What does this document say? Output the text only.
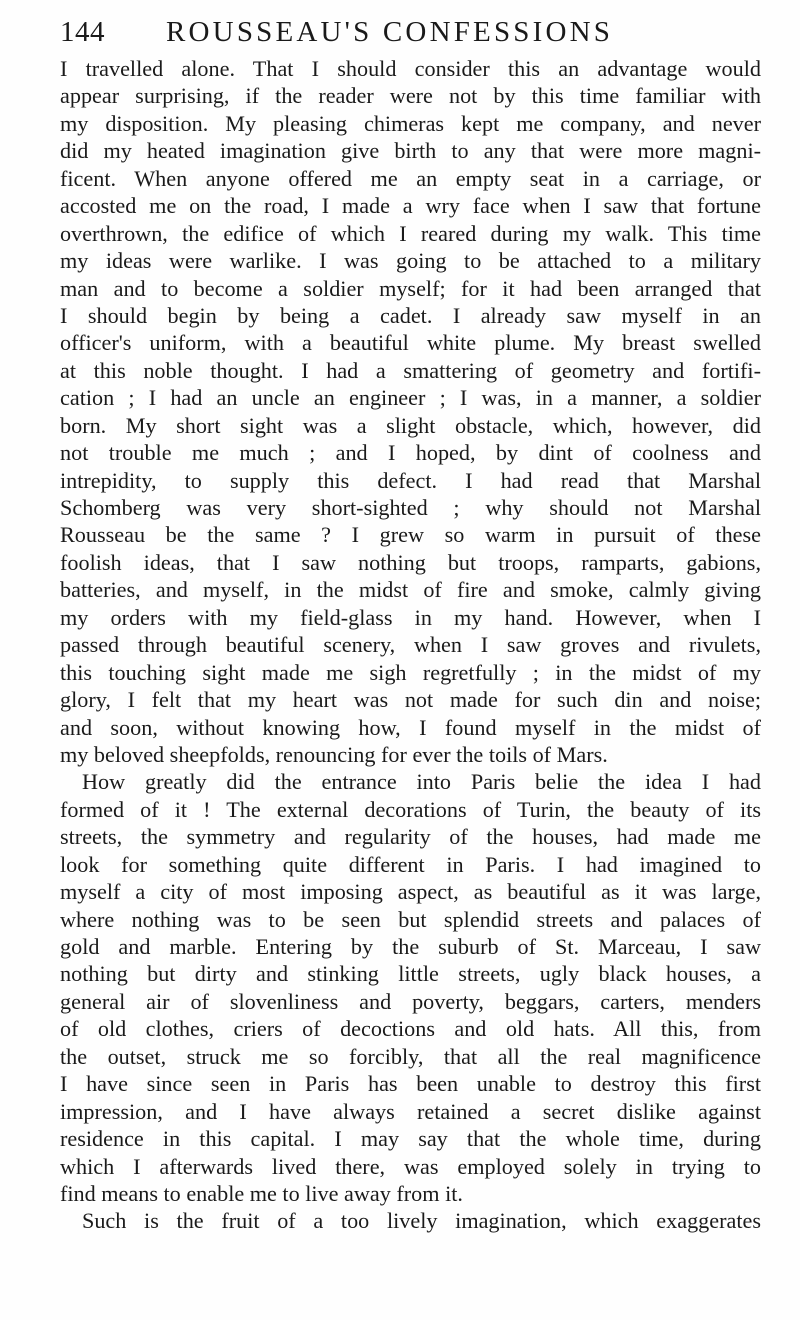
144 ROUSSEAU'S CONFESSIONS
I travelled alone. That I should consider this an advantage would
appear surprising, if the reader were not by this time familiar with
my disposition. My pleasing chimeras kept me company, and never
did my heated imagination give birth to any that were more magni-
ficent. When anyone offered me an empty seat in a carriage, or
accosted me on the road, I made a wry face when I saw that fortune
overthrown, the edifice of which I reared during my walk. This time
my ideas were warlike. I was going to be attached to a military
man and to become a soldier myself; for it had been arranged that
I should begin by being a cadet. I already saw myself in an
officer's uniform, with a beautiful white plume. My breast swelled
at this noble thought. I had a smattering of geometry and fortifi-
cation ; I had an uncle an engineer ; I was, in a manner, a soldier
born. My short sight was a slight obstacle, which, however, did
not trouble me much ; and I hoped, by dint of coolness and
intrepidity, to supply this defect. I had read that Marshal
Schomberg was very short-sighted ; why should not Marshal
Rousseau be the same ? I grew so warm in pursuit of these
foolish ideas, that I saw nothing but troops, ramparts, gabions,
batteries, and myself, in the midst of fire and smoke, calmly giving
my orders with my field-glass in my hand. However, when I
passed through beautiful scenery, when I saw groves and rivulets,
this touching sight made me sigh regretfully ; in the midst of my
glory, I felt that my heart was not made for such din and noise;
and soon, without knowing how, I found myself in the midst of
my beloved sheepfolds, renouncing for ever the toils of Mars.
How greatly did the entrance into Paris belie the idea I had
formed of it ! The external decorations of Turin, the beauty of its
streets, the symmetry and regularity of the houses, had made me
look for something quite different in Paris. I had imagined to
myself a city of most imposing aspect, as beautiful as it was large,
where nothing was to be seen but splendid streets and palaces of
gold and marble. Entering by the suburb of St. Marceau, I saw
nothing but dirty and stinking little streets, ugly black houses, a
general air of slovenliness and poverty, beggars, carters, menders
of old clothes, criers of decoctions and old hats. All this, from
the outset, struck me so forcibly, that all the real magnificence
I have since seen in Paris has been unable to destroy this first
impression, and I have always retained a secret dislike against
residence in this capital. I may say that the whole time, during
which I afterwards lived there, was employed solely in trying to
find means to enable me to live away from it.
Such is the fruit of a too lively imagination, which exaggerates
